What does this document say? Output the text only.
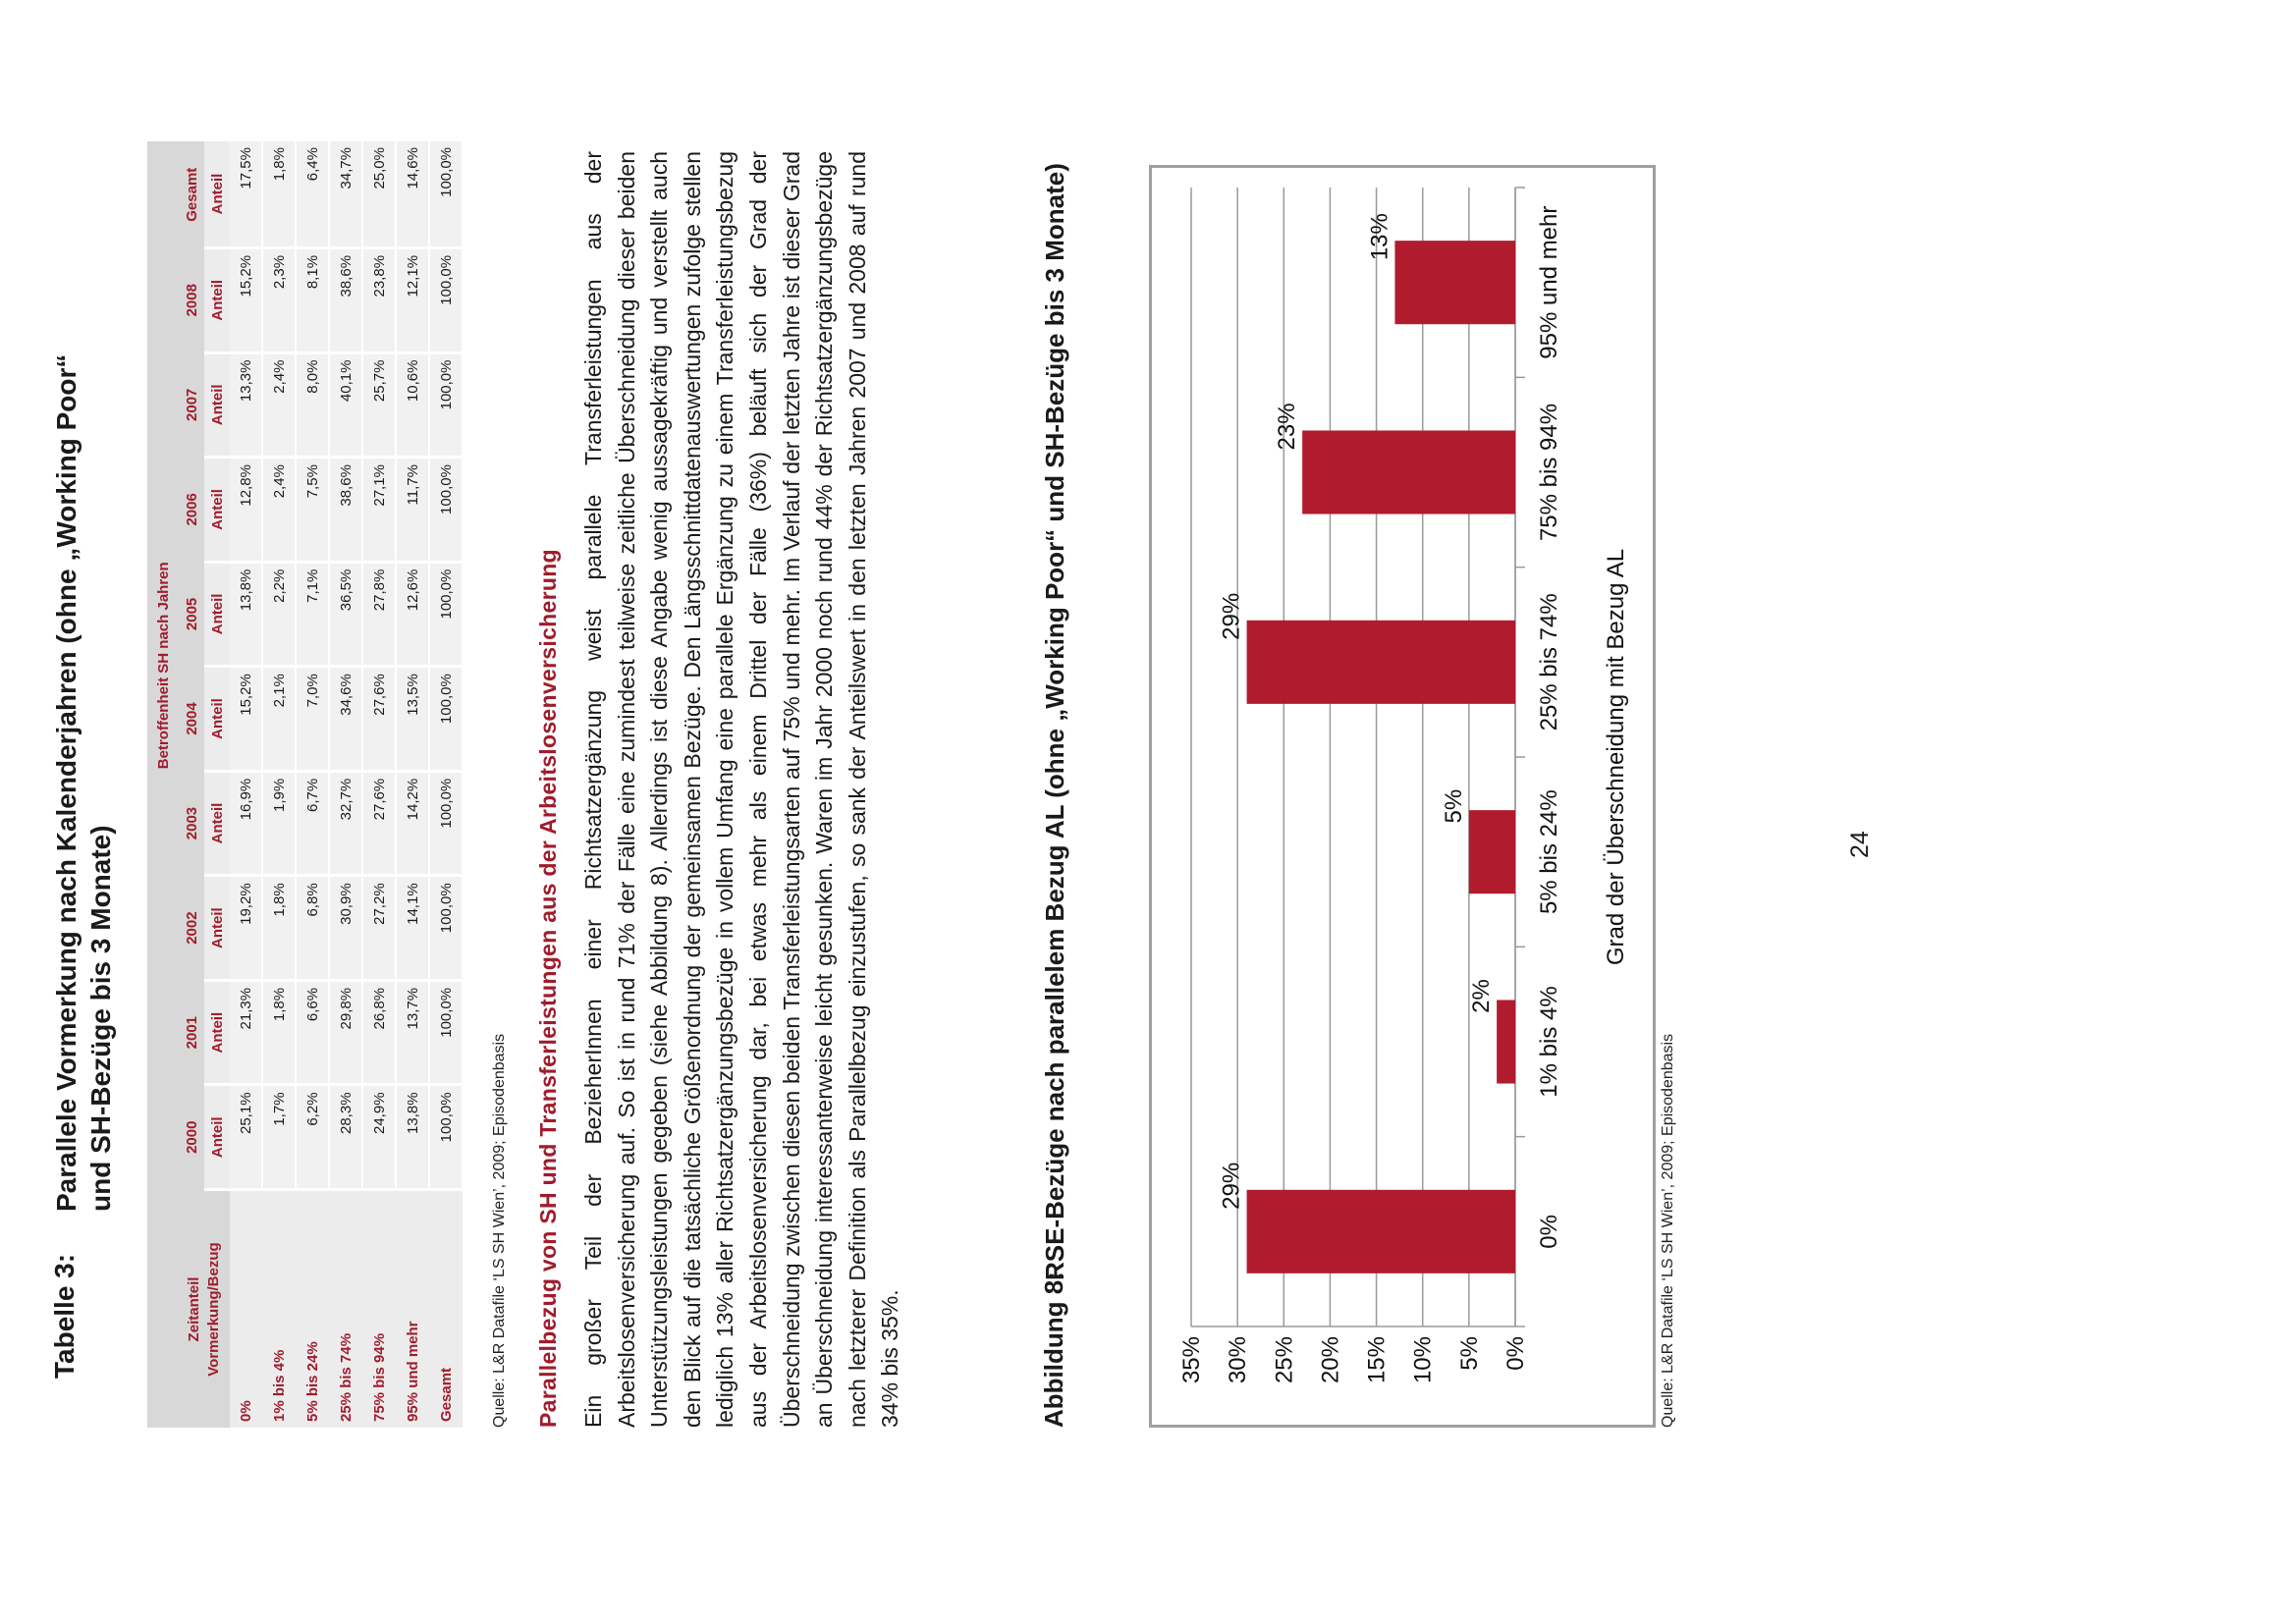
Tabelle 3:
Parallele Vormerkung nach Kalenderjahren (ohne „Working Poor“ und SH-Bezüge bis 3 Monate)
	Betroffenheit SH nach Jahren									

Zeitanteil Vormerkung/Bezug	2000	2001	2002	2003	2004	2005	2006	2007	2008	Gesamt
	Anteil	Anteil	Anteil	Anteil	Anteil	Anteil	Anteil	Anteil	Anteil	Anteil
0%	25,1%	21,3%	19,2%	16,9%	15,2%	13,8%	12,8%	13,3%	15,2%	17,5%
1% bis 4%	1,7%	1,8%	1,8%	1,9%	2,1%	2,2%	2,4%	2,4%	2,3%	1,8%
5% bis 24%	6,2%	6,6%	6,8%	6,7%	7,0%	7,1%	7,5%	8,0%	8,1%	6,4%
25% bis 74%	28,3%	29,8%	30,9%	32,7%	34,6%	36,5%	38,6%	40,1%	38,6%	34,7%
75% bis 94%	24,9%	26,8%	27,2%	27,6%	27,6%	27,8%	27,1%	25,7%	23,8%	25,0%
95% und mehr	13,8%	13,7%	14,1%	14,2%	13,5%	12,6%	11,7%	10,6%	12,1%	14,6%
Gesamt	100,0%	100,0%	100,0%	100,0%	100,0%	100,0%	100,0%	100,0%	100,0%	100,0%
Quelle: L&R Datafile ‘LS SH Wien’, 2009; Episodenbasis Parallelbezug von SH und Transferleistungen aus der Arbeitslosenversicherung Ein großer Teil der BezieherInnen einer Richtsatzergänzung weist parallele Transferleistungen aus der Arbeitslosenversicherung auf. So ist in rund 71% der Fälle eine zumindest teilweise zeitliche Überschneidung dieser beiden Unterstützungsleistungen gegeben (siehe Abbildung 8). Allerdings ist diese Angabe wenig aussagekräftig und verstellt auch den Blick auf die tatsächliche Größenordnung der gemeinsamen Bezüge. Den Längsschnittdatenauswertungen zufolge stellen lediglich 13% aller Richtsatzergänzungsbezüge in vollem Umfang eine parallele Ergänzung zu einem Transferleistungsbezug aus der Arbeitslosenversicherung dar, bei etwas mehr als einem Drittel der Fälle (36%) beläuft sich der Grad der Überschneidung zwischen diesen beiden Transferleistungsarten auf 75% und mehr. Im Verlauf der letzten Jahre ist dieser Grad an Überschneidung interessanterweise leicht gesunken. Waren im Jahr 2000 noch rund 44% der Richtsatzergänzungsbezüge nach letzterer Definition als Parallelbezug einzustufen, so sank der Anteilswert in den letzten Jahren 2007 und 2008 auf rund 34% bis 35%.	Abbildung 8:
RSE-Bezüge nach parallelem Bezug AL (ohne „Working Poor“ und SH-Bezüge bis 3 Monate)
0%
5%
10%
15%
20%
25%
30%
35%
29%
0%
2% 1% bis 4%
5%	5% bis 24%
29%	25% bis 74%
23%	75% bis 94%
13%	95% und mehr
Grad der Überschneidung mit Bezug AL
Quelle: L&R Datafile ‘LS SH Wien’, 2009; Episodenbasis
24
